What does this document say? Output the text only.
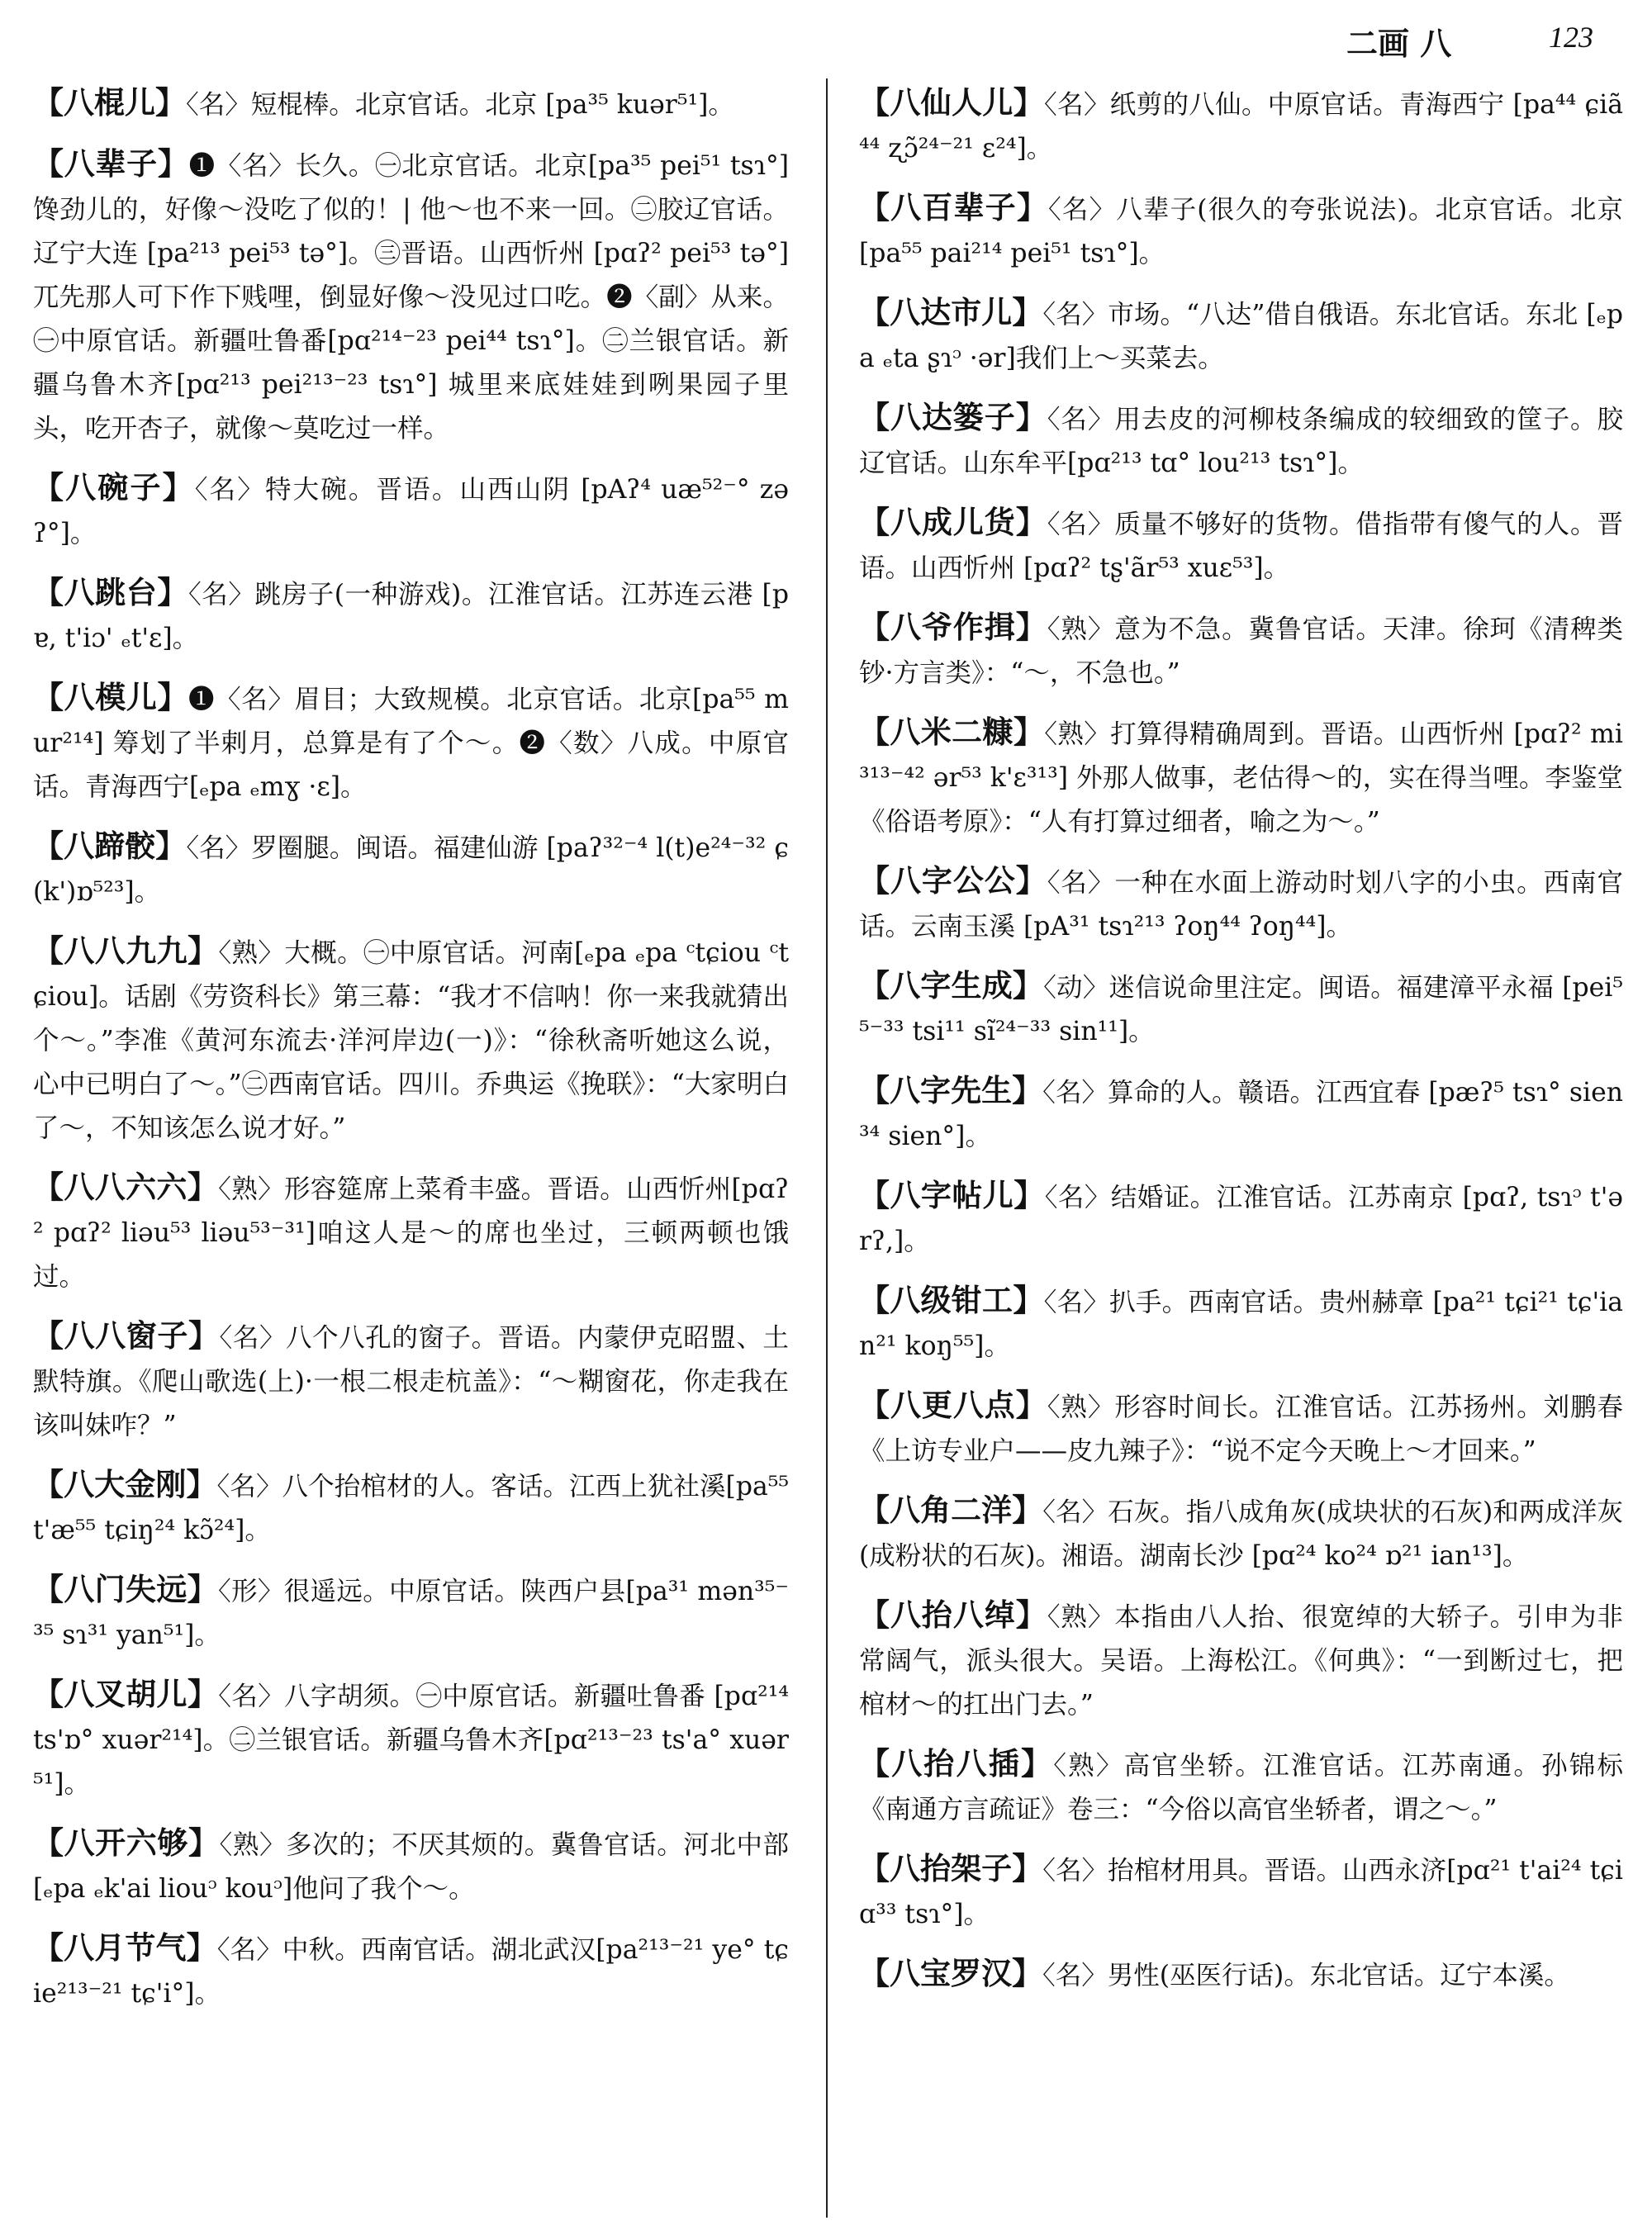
二画 八	123

【 八棍儿 】 〈名〉短棍棒。北京官话。北京 [pa³⁵ kuər⁵¹]。

【 八辈子 】 ❶〈名〉长久。㊀北京官话。北京[pa³⁵ pei⁵¹ tsɿ°] 馋劲儿的，好像～没吃了似的！| 他～也不来一回。㊁胶辽官话。辽宁大连 [pa²¹³ pei⁵³ tə°]。㊂晋语。山西忻州 [pɑʔ² pei⁵³ tə°] 兀先那人可下作下贱哩，倒显好像～没见过口吃。❷〈副〉从来。㊀中原官话。新疆吐鲁番[pɑ²¹⁴⁻²³ pei⁴⁴ tsɿ°]。㊁兰银官话。新疆乌鲁木齐[pɑ²¹³ pei²¹³⁻²³ tsɿ°] 城里来底娃娃到咧果园子里头，吃开杏子，就像～莫吃过一样。

【 八碗子 】 〈名〉特大碗。晋语。山西山阴 [pAʔ⁴ uæ⁵²⁻° zəʔ°]。

【 八跳台 】 〈名〉跳房子(一种游戏)。江淮官话。江苏连云港 [pɐ, t'iɔ' ₑt'ɛ]。

【 八模儿 】 ❶〈名〉眉目；大致规模。北京官话。北京[pa⁵⁵ mur²¹⁴] 筹划了半剌月，总算是有了个～。❷〈数〉八成。中原官话。青海西宁[ₑpa ₑmɣ ·ɛ]。

【 八蹄骹 】 〈名〉罗圈腿。闽语。福建仙游 [paʔ³²⁻⁴ l(t)e²⁴⁻³² ɕ(k')ɒ⁵²³]。

【 八八九九 】 〈熟〉大概。㊀中原官话。河南[ₑpa ₑpa ᶜtɕiou ᶜtɕiou]。话剧《劳资科长》第三幕：“我才不信呐！你一来我就猜出个～。”李准《黄河东流去·洋河岸边(一)》：“徐秋斋听她这么说，心中已明白了～。”㊁西南官话。四川。乔典运《挽联》：“大家明白了～，不知该怎么说才好。”

【 八八六六 】 〈熟〉形容筵席上菜肴丰盛。晋语。山西忻州[pɑʔ² pɑʔ² liəu⁵³ liəu⁵³⁻³¹]咱这人是～的席也坐过，三顿两顿也饿过。

【 八八窗子 】 〈名〉八个八孔的窗子。晋语。内蒙伊克昭盟、土默特旗。《爬山歌选(上)·一根二根走杭盖》：“～糊窗花，你走我在该叫妹咋？”

【 八大金刚 】 〈名〉八个抬棺材的人。客话。江西上犹社溪[pa⁵⁵ t'æ⁵⁵ tɕiŋ²⁴ kɔ̃²⁴]。

【 八门失远 】 〈形〉很遥远。中原官话。陕西户县[pa³¹ mən³⁵⁻³⁵ sɿ³¹ yan⁵¹]。

【 八叉胡儿 】 〈名〉八字胡须。㊀中原官话。新疆吐鲁番 [pɑ²¹⁴ ts'ɒ° xuər²¹⁴]。㊁兰银官话。新疆乌鲁木齐[pɑ²¹³⁻²³ ts'a° xuər⁵¹]。

【 八开六够 】 〈熟〉多次的；不厌其烦的。冀鲁官话。河北中部 [ₑpa ₑk'ai liouᵓ kouᵓ]他问了我个～。

【 八月节气 】 〈名〉中秋。西南官话。湖北武汉[pa²¹³⁻²¹ ye° tɕie²¹³⁻²¹ tɕ'i°]。

【 八仙人儿 】 〈名〉纸剪的八仙。中原官话。青海西宁 [pa⁴⁴ ɕiã⁴⁴ ʐɔ̃²⁴⁻²¹ ɛ²⁴]。

【 八百辈子 】 〈名〉八辈子(很久的夸张说法)。北京官话。北京 [pa⁵⁵ pai²¹⁴ pei⁵¹ tsɿ°]。

【 八达市儿 】 〈名〉市场。“八达”借自俄语。东北官话。东北 [ₑpa ₑta ʂɿᵓ ·ər]我们上～买菜去。

【 八达篓子 】 〈名〉用去皮的河柳枝条编成的较细致的筐子。胶辽官话。山东牟平[pɑ²¹³ tɑ° lou²¹³ tsɿ°]。

【 八成儿货 】 〈名〉质量不够好的货物。借指带有傻气的人。晋语。山西忻州 [pɑʔ² tʂ'ãr⁵³ xuɛ⁵³]。

【 八爷作揖 】 〈熟〉意为不急。冀鲁官话。天津。徐珂《清稗类钞·方言类》：“～，不急也。”

【 八米二糠 】 〈熟〉打算得精确周到。晋语。山西忻州 [pɑʔ² mi³¹³⁻⁴² ər⁵³ k'ɛ³¹³] 外那人做事，老估得～的，实在得当哩。李鉴堂《俗语考原》：“人有打算过细者，喻之为～。”

【 八字公公 】 〈名〉一种在水面上游动时划八字的小虫。西南官话。云南玉溪 [pA³¹ tsɿ²¹³ ʔoŋ⁴⁴ ʔoŋ⁴⁴]。

【 八字生成 】 〈动〉迷信说命里注定。闽语。福建漳平永福 [pei⁵⁵⁻³³ tsi¹¹ sĩ²⁴⁻³³ sin¹¹]。

【 八字先生 】 〈名〉算命的人。赣语。江西宜春 [pæʔ⁵ tsɿ° sien³⁴ sien°]。

【 八字帖儿 】 〈名〉结婚证。江淮官话。江苏南京 [pɑʔ, tsɿᵓ t'ərʔ,]。

【 八级钳工 】 〈名〉扒手。西南官话。贵州赫章 [pa²¹ tɕi²¹ tɕ'ian²¹ koŋ⁵⁵]。

【 八更八点 】 〈熟〉形容时间长。江淮官话。江苏扬州。刘鹏春《上访专业户——皮九辣子》：“说不定今天晚上～才回来。”

【 八角二洋 】 〈名〉石灰。指八成角灰(成块状的石灰)和两成洋灰(成粉状的石灰)。湘语。湖南长沙 [pɑ²⁴ ko²⁴ ɒ²¹ ian¹³]。

【 八抬八绰 】 〈熟〉本指由八人抬、很宽绰的大轿子。引申为非常阔气，派头很大。吴语。上海松江。《何典》：“一到断过七，把棺材～的扛出门去。”

【 八抬八插 】 〈熟〉高官坐轿。江淮官话。江苏南通。孙锦标《南通方言疏证》卷三：“今俗以高官坐轿者，谓之～。”

【 八抬架子 】 〈名〉抬棺材用具。晋语。山西永济[pɑ²¹ t'ai²⁴ tɕiɑ³³ tsɿ°]。

【 八宝罗汉 】 〈名〉男性(巫医行话)。东北官话。辽宁本溪。
